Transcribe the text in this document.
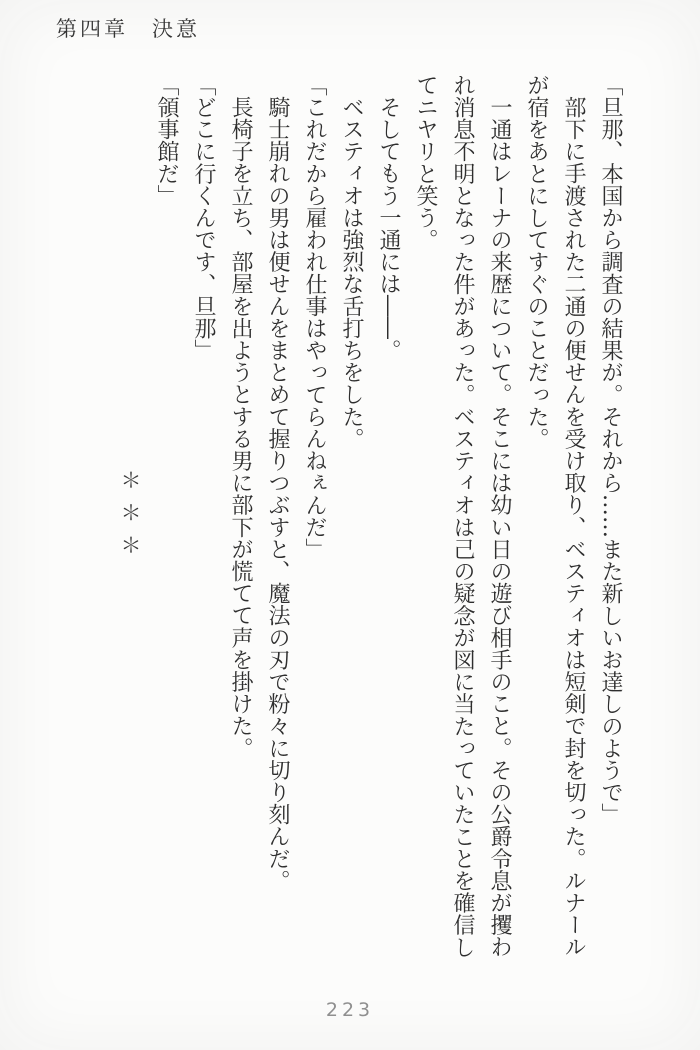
第四章　決意

「旦那、本国から調査の結果が。それから……また新しいお達しのようで」

部下に手渡された二通の便せんを受け取り、ベスティオは短剣で封を切った。ルナールが宿をあとにしてすぐのことだった。

一通はレーナの来歴について。そこには幼い日の遊び相手のこと。その公爵令息が攫われ消息不明となった件があった。ベスティオは己の疑念が図に当たっていたことを確信してニヤリと笑う。

そしてもう一通には――。

ベスティオは強烈な舌打ちをした。

「これだから雇われ仕事はやってらんねぇんだ」

騎士崩れの男は便せんをまとめて握りつぶすと、魔法の刃で粉々に切り刻んだ。

長椅子を立ち、部屋を出ようとする男に部下が慌てて声を掛けた。

「どこに行くんです、旦那」

「領事館だ」

＊＊＊

223
